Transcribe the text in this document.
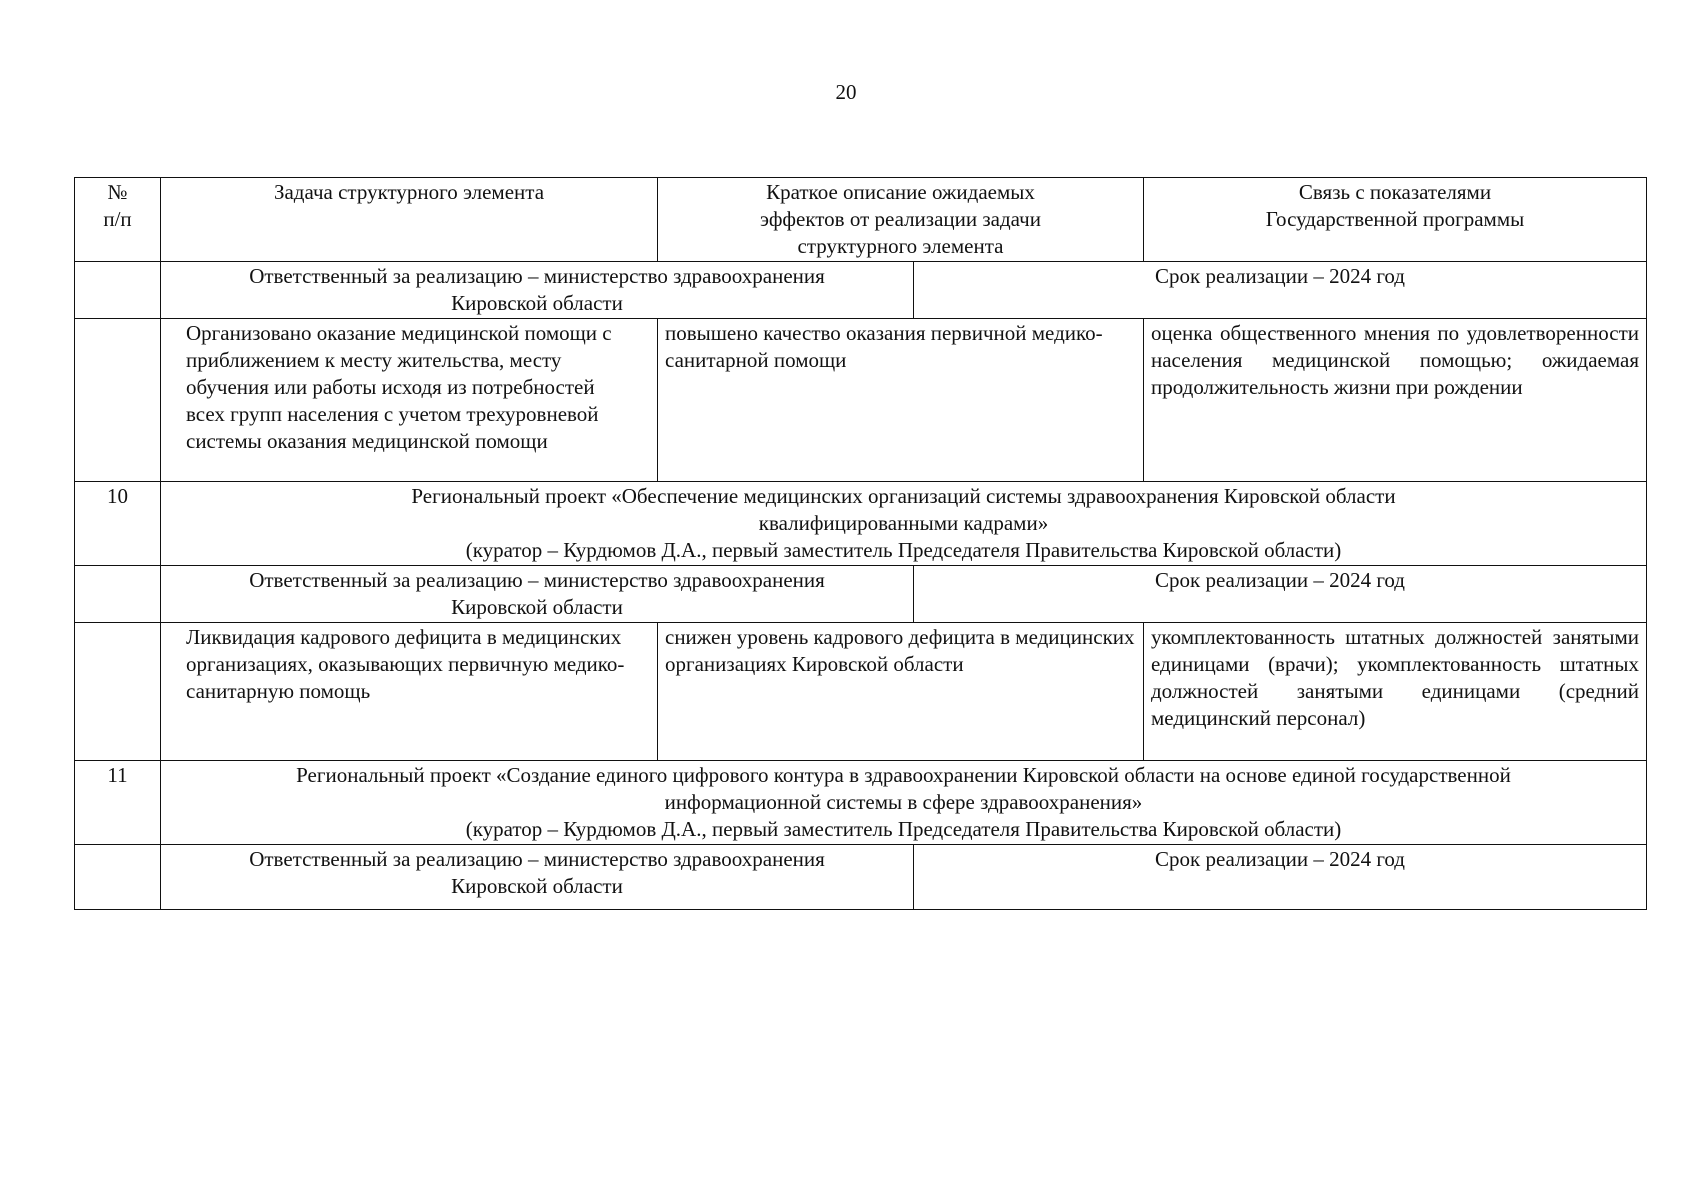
20
№
п/п	Задача структурного элемента	Краткое описание ожидаемых эффектов от реализации задачи структурного элемента		Связь с показателями Государственной программы
	Ответственный за реализацию – министерство здравоохранения Кировской области		Срок реализации – 2024 год	
	Организовано оказание медицинской помощи с приближением к месту жительства, месту обучения или работы исходя из потребностей всех групп населения с учетом трехуровневой системы оказания медицинской помощи	повышено качество оказания первичной медико-санитарной помощи		оценка общественного мнения по удовлетворенности населения медицинской помощью; ожидаемая продолжительность жизни при рождении
10	Региональный проект «Обеспечение медицинских организаций системы здравоохранения Кировской области квалифицированными кадрами»
(куратор – Курдюмов Д.А., первый заместитель Председателя Правительства Кировской области)			

	Ответственный за реализацию – министерство здравоохранения Кировской области		Срок реализации – 2024 год	
	Ликвидация кадрового дефицита в медицинских организациях, оказывающих первичную медико-санитарную помощь	снижен уровень кадрового дефицита в медицинских организациях Кировской области		укомплектованность штатных должностей занятыми единицами (врачи); укомплектованность штатных должностей занятыми единицами (средний медицинский персонал)
11	Региональный проект «Создание единого цифрового контура в здравоохранении Кировской области на основе единой государственной информационной системы в сфере здравоохранения»
(куратор – Курдюмов Д.А., первый заместитель Председателя Правительства Кировской области)			

	Ответственный за реализацию – министерство здравоохранения Кировской области		Срок реализации – 2024 год	
